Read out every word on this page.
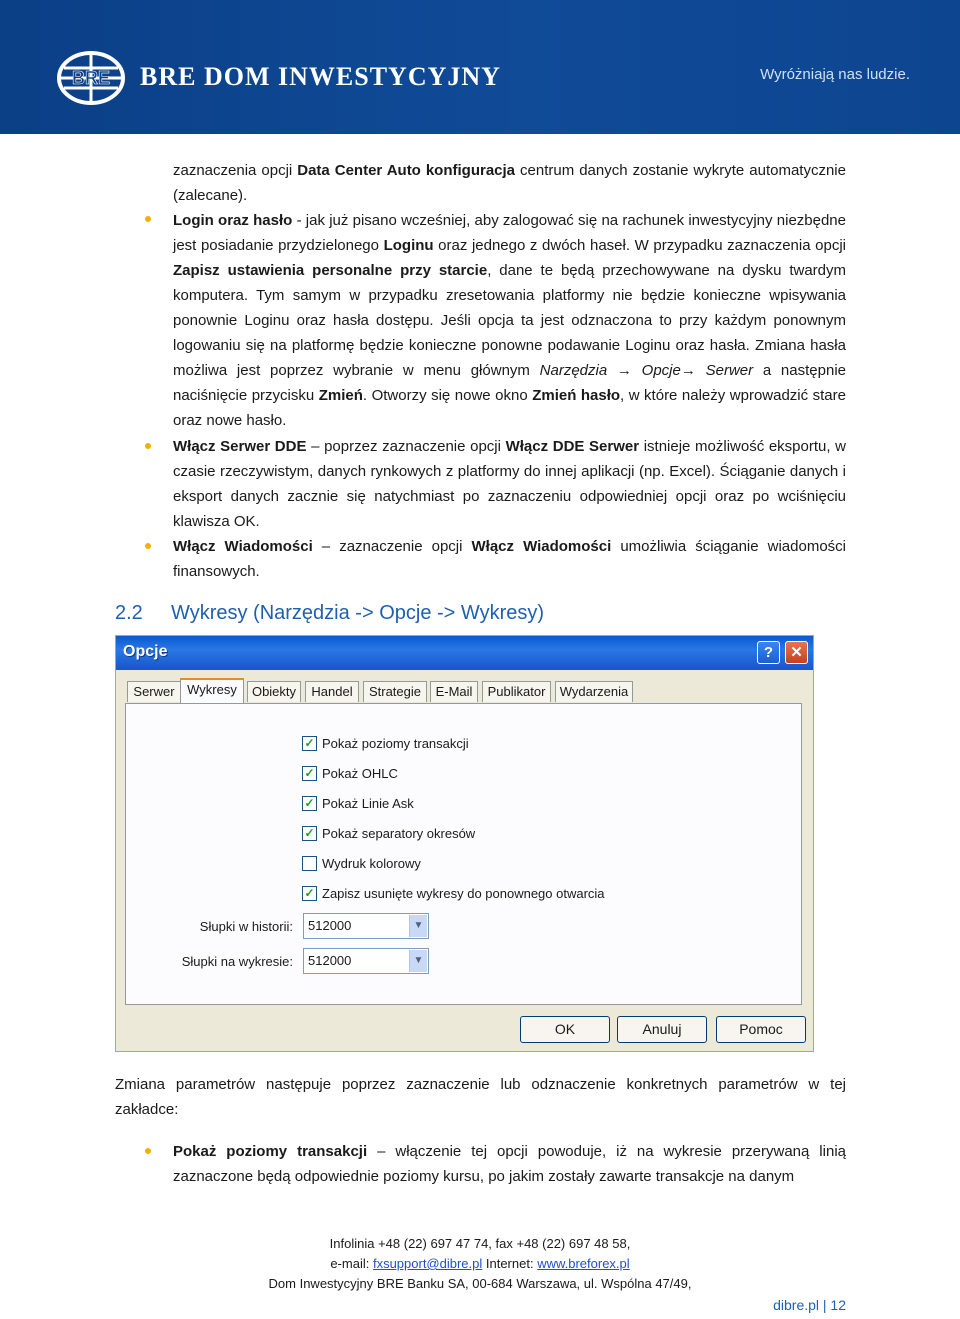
BRE BRE DOM INWESTYCYJNY	Wyróżniają nas ludzie.
zaznaczenia opcji Data Center Auto konfiguracja centrum danych zostanie wykryte automatycznie (zalecane).
Login oraz hasło - jak już pisano wcześniej, aby zalogować się na rachunek inwestycyjny niezbędne jest posiadanie przydzielonego Loginu oraz jednego z dwóch haseł. W przypadku zaznaczenia opcji Zapisz ustawienia personalne przy starcie, dane te będą przechowywane na dysku twardym komputera. Tym samym w przypadku zresetowania platformy nie będzie konieczne wpisywania ponownie Loginu oraz hasła dostępu. Jeśli opcja ta jest odznaczona to przy każdym ponownym logowaniu się na platformę będzie konieczne ponowne podawanie Loginu oraz hasła. Zmiana hasła możliwa jest poprzez wybranie w menu głównym Narzędzia → Opcje→ Serwer a następnie naciśnięcie przycisku Zmień. Otworzy się nowe okno Zmień hasło, w które należy wprowadzić stare oraz nowe hasło.
Włącz Serwer DDE – poprzez zaznaczenie opcji Włącz DDE Serwer istnieje możliwość eksportu, w czasie rzeczywistym, danych rynkowych z platformy do innej aplikacji (np. Excel). Ściąganie danych i eksport danych zacznie się natychmiast po zaznaczeniu odpowiedniej opcji oraz po wciśnięciu klawisza OK.
Włącz Wiadomości – zaznaczenie opcji Włącz Wiadomości umożliwia ściąganie wiadomości finansowych.
2.2 Wykresy (Narzędzia -> Opcje -> Wykresy)
Opcje	?	✕
Serwer Wykresy	Obiekty	Handel	Strategie	E-Mail	Publikator	Wydarzenia
✓ Pokaż poziomy transakcji
✓ Pokaż OHLC
✓ Pokaż Linie Ask
✓ Pokaż separatory okresów
Wydruk kolorowy
✓ Zapisz usunięte wykresy do ponownego otwarcia
Słupki w historii: 512000	▼
Słupki na wykresie: 512000	▼
OK	Anuluj	Pomoc
Zmiana parametrów następuje poprzez zaznaczenie lub odznaczenie konkretnych parametrów w tej zakładce:
Pokaż poziomy transakcji – włączenie tej opcji powoduje, iż na wykresie przerywaną linią zaznaczone będą odpowiednie poziomy kursu, po jakim zostały zawarte transakcje na danym
Infolinia +48 (22) 697 47 74, fax +48 (22) 697 48 58,
e-mail: fxsupport@dibre.pl Internet: www.breforex.pl
Dom Inwestycyjny BRE Banku SA, 00-684 Warszawa, ul. Wspólna 47/49,
dibre.pl | 12
